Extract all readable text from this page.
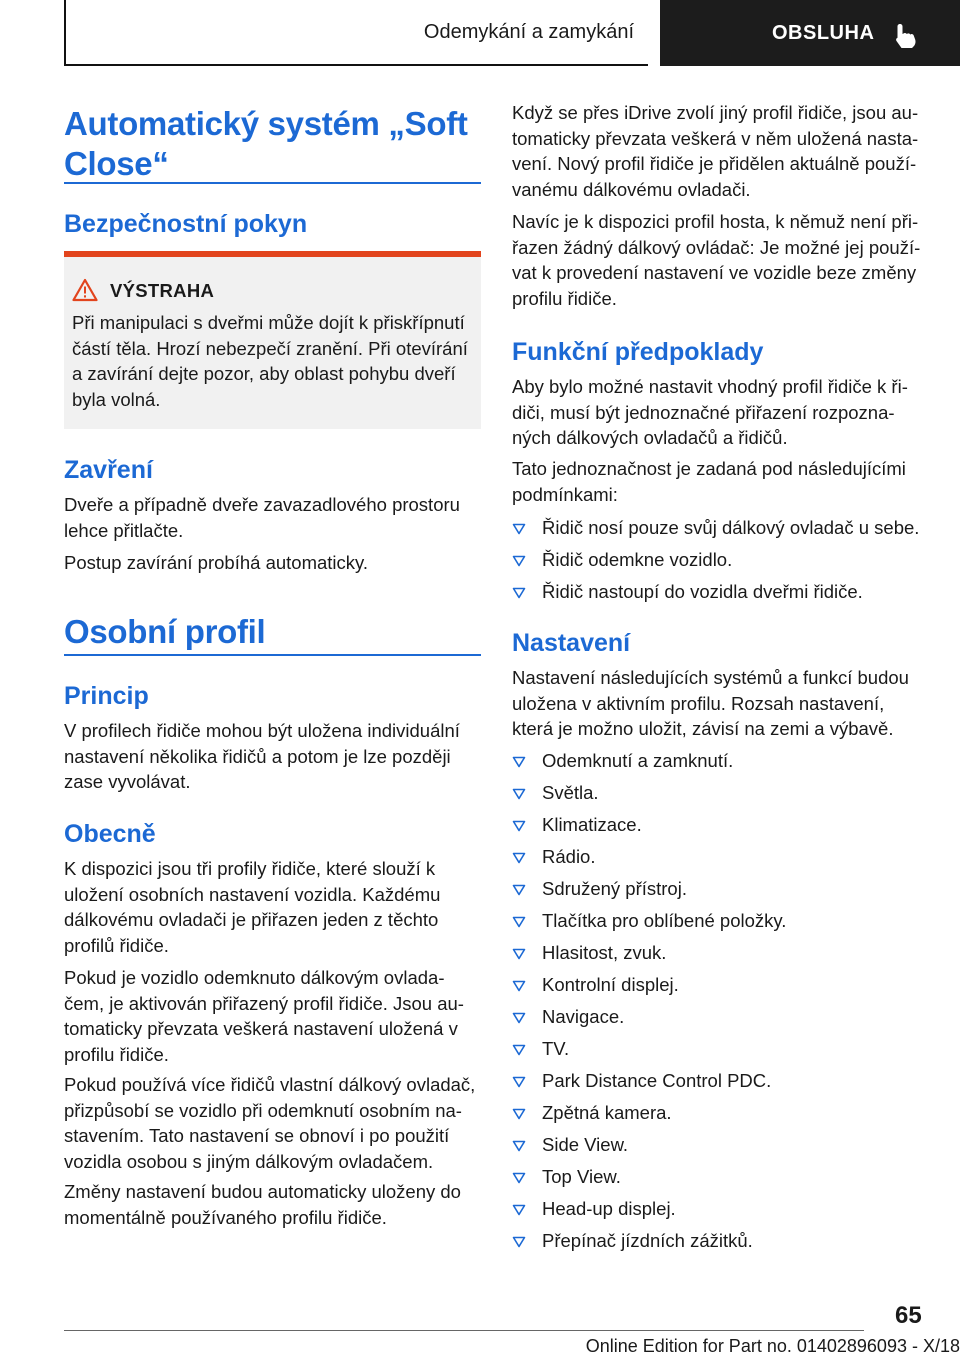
Odemykání a zamykání	OBSLUHA
Automatický systém „Soft Close“
Bezpečnostní pokyn
VÝSTRAHA
Při manipulaci s dveřmi může dojít k přiskřípnutí
částí těla. Hrozí nebezpečí zranění. Při otevírání
a zavírání dejte pozor, aby oblast pohybu dveří
byla volná.
Zavření
Dveře a případně dveře zavazadlového prostoru
lehce přitlačte.
Postup zavírání probíhá automaticky.
Osobní profil
Princip
V profilech řidiče mohou být uložena individuální
nastavení několika řidičů a potom je lze později
zase vyvolávat.
Obecně
K dispozici jsou tři profily řidiče, které slouží k
uložení osobních nastavení vozidla. Každému
dálkovému ovladači je přiřazen jeden z těchto
profilů řidiče.
Pokud je vozidlo odemknuto dálkovým ovlada-
čem, je aktivován přiřazený profil řidiče. Jsou au-
tomaticky převzata veškerá nastavení uložená v
profilu řidiče.
Pokud používá více řidičů vlastní dálkový ovladač,
přizpůsobí se vozidlo při odemknutí osobním na-
stavením. Tato nastavení se obnoví i po použití
vozidla osobou s jiným dálkovým ovladačem.
Změny nastavení budou automaticky uloženy do
momentálně používaného profilu řidiče.
Když se přes iDrive zvolí jiný profil řidiče, jsou au-
tomaticky převzata veškerá v něm uložená nasta-
vení. Nový profil řidiče je přidělen aktuálně použí-
vanému dálkovému ovladači.
Navíc je k dispozici profil hosta, k němuž není při-
řazen žádný dálkový ovládač: Je možné jej použí-
vat k provedení nastavení ve vozidle beze změny
profilu řidiče.
Funkční předpoklady
Aby bylo možné nastavit vhodný profil řidiče k ři-
diči, musí být jednoznačné přiřazení rozpozna-
ných dálkových ovladačů a řidičů.
Tato jednoznačnost je zadaná pod následujícími
podmínkami:
Řidič nosí pouze svůj dálkový ovladač u sebe.
Řidič odemkne vozidlo.
Řidič nastoupí do vozidla dveřmi řidiče.
Nastavení
Nastavení následujících systémů a funkcí budou
uložena v aktivním profilu. Rozsah nastavení,
která je možno uložit, závisí na zemi a výbavě.
Odemknutí a zamknutí.
Světla.
Klimatizace.
Rádio.
Sdružený přístroj.
Tlačítka pro oblíbené položky.
Hlasitost, zvuk.
Kontrolní displej.
Navigace.
TV.
Park Distance Control PDC.
Zpětná kamera.
Side View.
Top View.
Head-up displej.
Přepínač jízdních zážitků.
65
Online Edition for Part no. 01402896093 - X/18
